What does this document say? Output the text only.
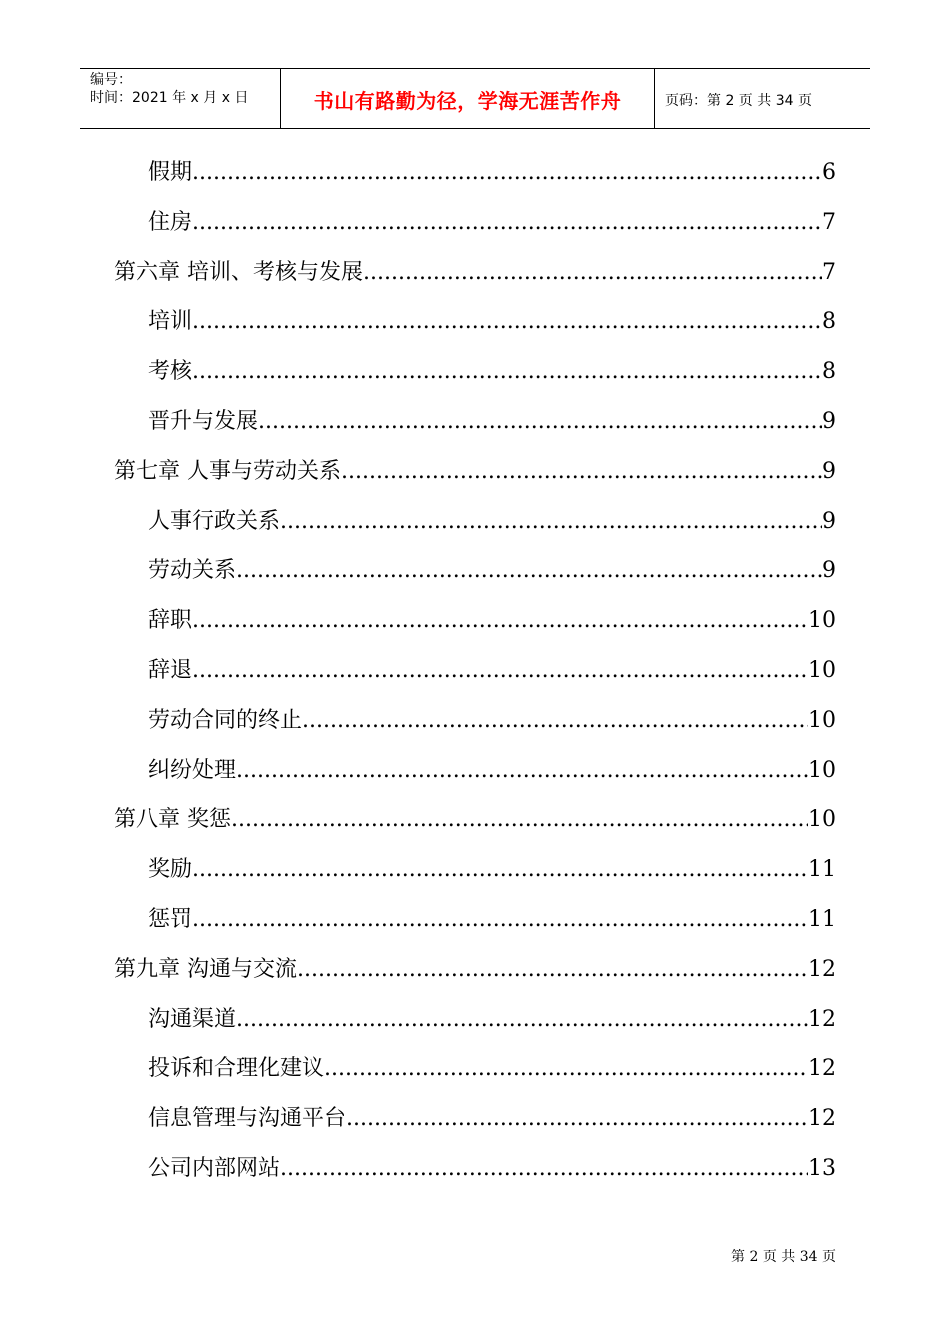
编号：
时间：2021 年 x 月 x 日	书山有路勤为径，学海无涯苦作舟	页码：第 2 页 共 34 页
假期 .....	6
住房 .....	7
第六章 培训、考核与发展 .....	7
培训 .....	8
考核 .....	8
晋升与发展 .....	9
第七章 人事与劳动关系 .....	9
人事行政关系 .....	9
劳动关系 .....	9
辞职 .....	10
辞退 .....	10
劳动合同的终止 .....	10
纠纷处理 .....	10
第八章 奖惩 .....	10
奖励 .....	11
惩罚 .....	11
第九章 沟通与交流 .....	12
沟通渠道 .....	12
投诉和合理化建议 .....	12
信息管理与沟通平台 .....	12
公司内部网站 .....	13
第 2 页 共 34 页
